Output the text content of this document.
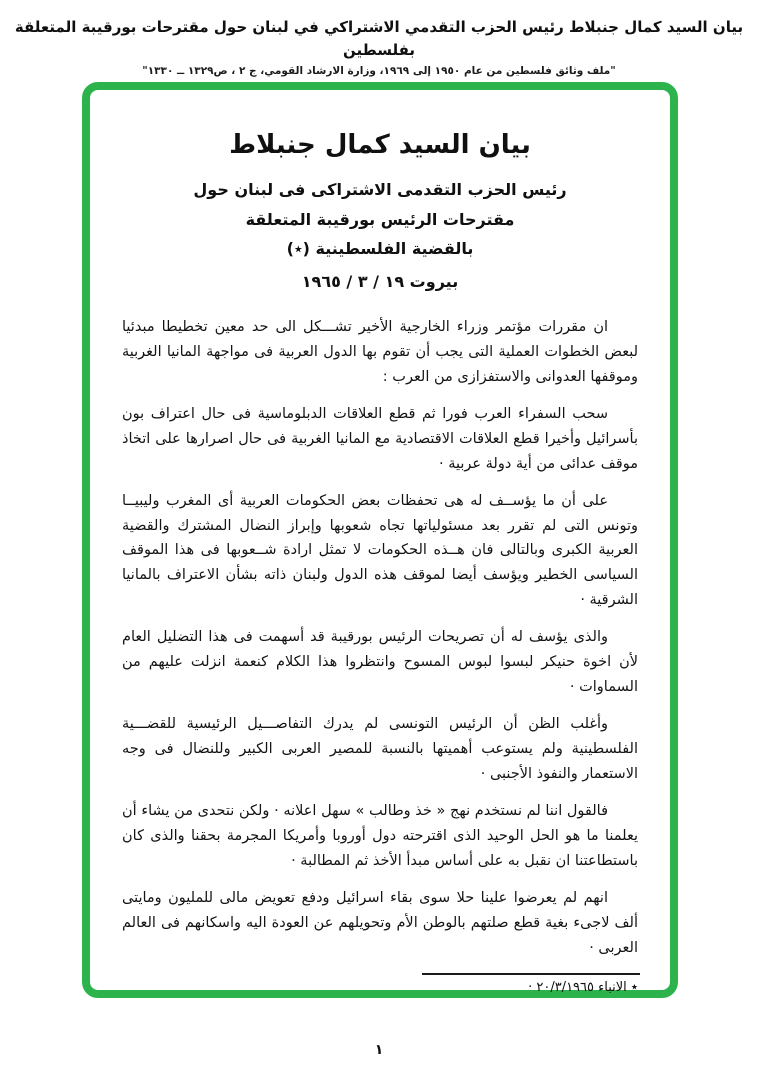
بيان السيد كمال جنبلاط رئيس الحزب التقدمي الاشتراكي في لبنان حول مقترحات بورقيبة المتعلقة بفلسطين
"ملف وثائق فلسطين من عام ١٩٥٠ إلى ١٩٦٩، وزارة الارشاد القومي، ج ٢ ، ص١٣٢٩ ــ ١٣٣٠"
بيان السيد كمال جنبلاط
رئيس الحزب التقدمى الاشتراكى فى لبنان حول
مقترحات الرئيس بورقيبة المتعلقة
بالقضية الفلسطينية (٭)
بيروت ١٩ / ٣ / ١٩٦٥

ان مقررات مؤتمر وزراء الخارجية الأخير تشـــكل الى حد معين تخطيطا مبدئيا لبعض الخطوات العملية التى يجب أن تقوم بها الدول العربية فى مواجهة المانيا الغربية وموقفها العدوانى والاستفزازى من العرب :

سحب السفراء العرب فورا ثم قطع العلاقات الدبلوماسية فى حال اعتراف بون بأسرائيل وأخيرا قطع العلاقات الاقتصادية مع المانيا الغربية فى حال اصرارها على اتخاذ موقف عدائى من أية دولة عربية ·

على أن ما يؤســف له هى تحفظات بعض الحكومات العربية أى المغرب وليبيــا وتونس التى لم تقرر بعد مسئولياتها تجاه شعوبها وإبراز النضال المشترك والقضية العربية الكبرى وبالتالى فان هــذه الحكومات لا تمثل ارادة شــعوبها فى هذا الموقف السياسى الخطير ويؤسف أيضا لموقف هذه الدول ولبنان ذاته بشأن الاعتراف بالمانيا الشرقية ·

والذى يؤسف له أن تصريحات الرئيس بورقيبة قد أسهمت فى هذا التضليل العام لأن اخوة حنيكر لبسوا لبوس المسوح وانتظروا هذا الكلام كنعمة انزلت عليهم من السماوات ·

وأغلب الظن أن الرئيس التونسى لم يدرك التفاصـــيل الرئيسية للقضـــية الفلسطينية ولم يستوعب أهميتها بالنسبة للمصير العربى الكبير وللنضال فى وجه الاستعمار والنفوذ الأجنبى ·

فالقول اننا لم نستخدم نهج « خذ وطالب » سهل اعلانه · ولكن نتحدى من يشاء أن يعلمنا ما هو الحل الوحيد الذى اقترحته دول أوروبا وأمريكا المجرمة بحقنا والذى كان باستطاعتنا ان نقبل به على أساس مبدأ الأخذ ثم المطالبة ·

انهم لم يعرضوا علينا حلا سوى بقاء اسرائيل ودفع تعويض مالى للمليون ومايتى ألف لاجىء بغية قطع صلتهم بالوطن الأم وتحويلهم عن العودة اليه واسكانهم فى العالم العربى ·

٭ الانباء ٢٠/٣/١٩٦٥ ·
١
